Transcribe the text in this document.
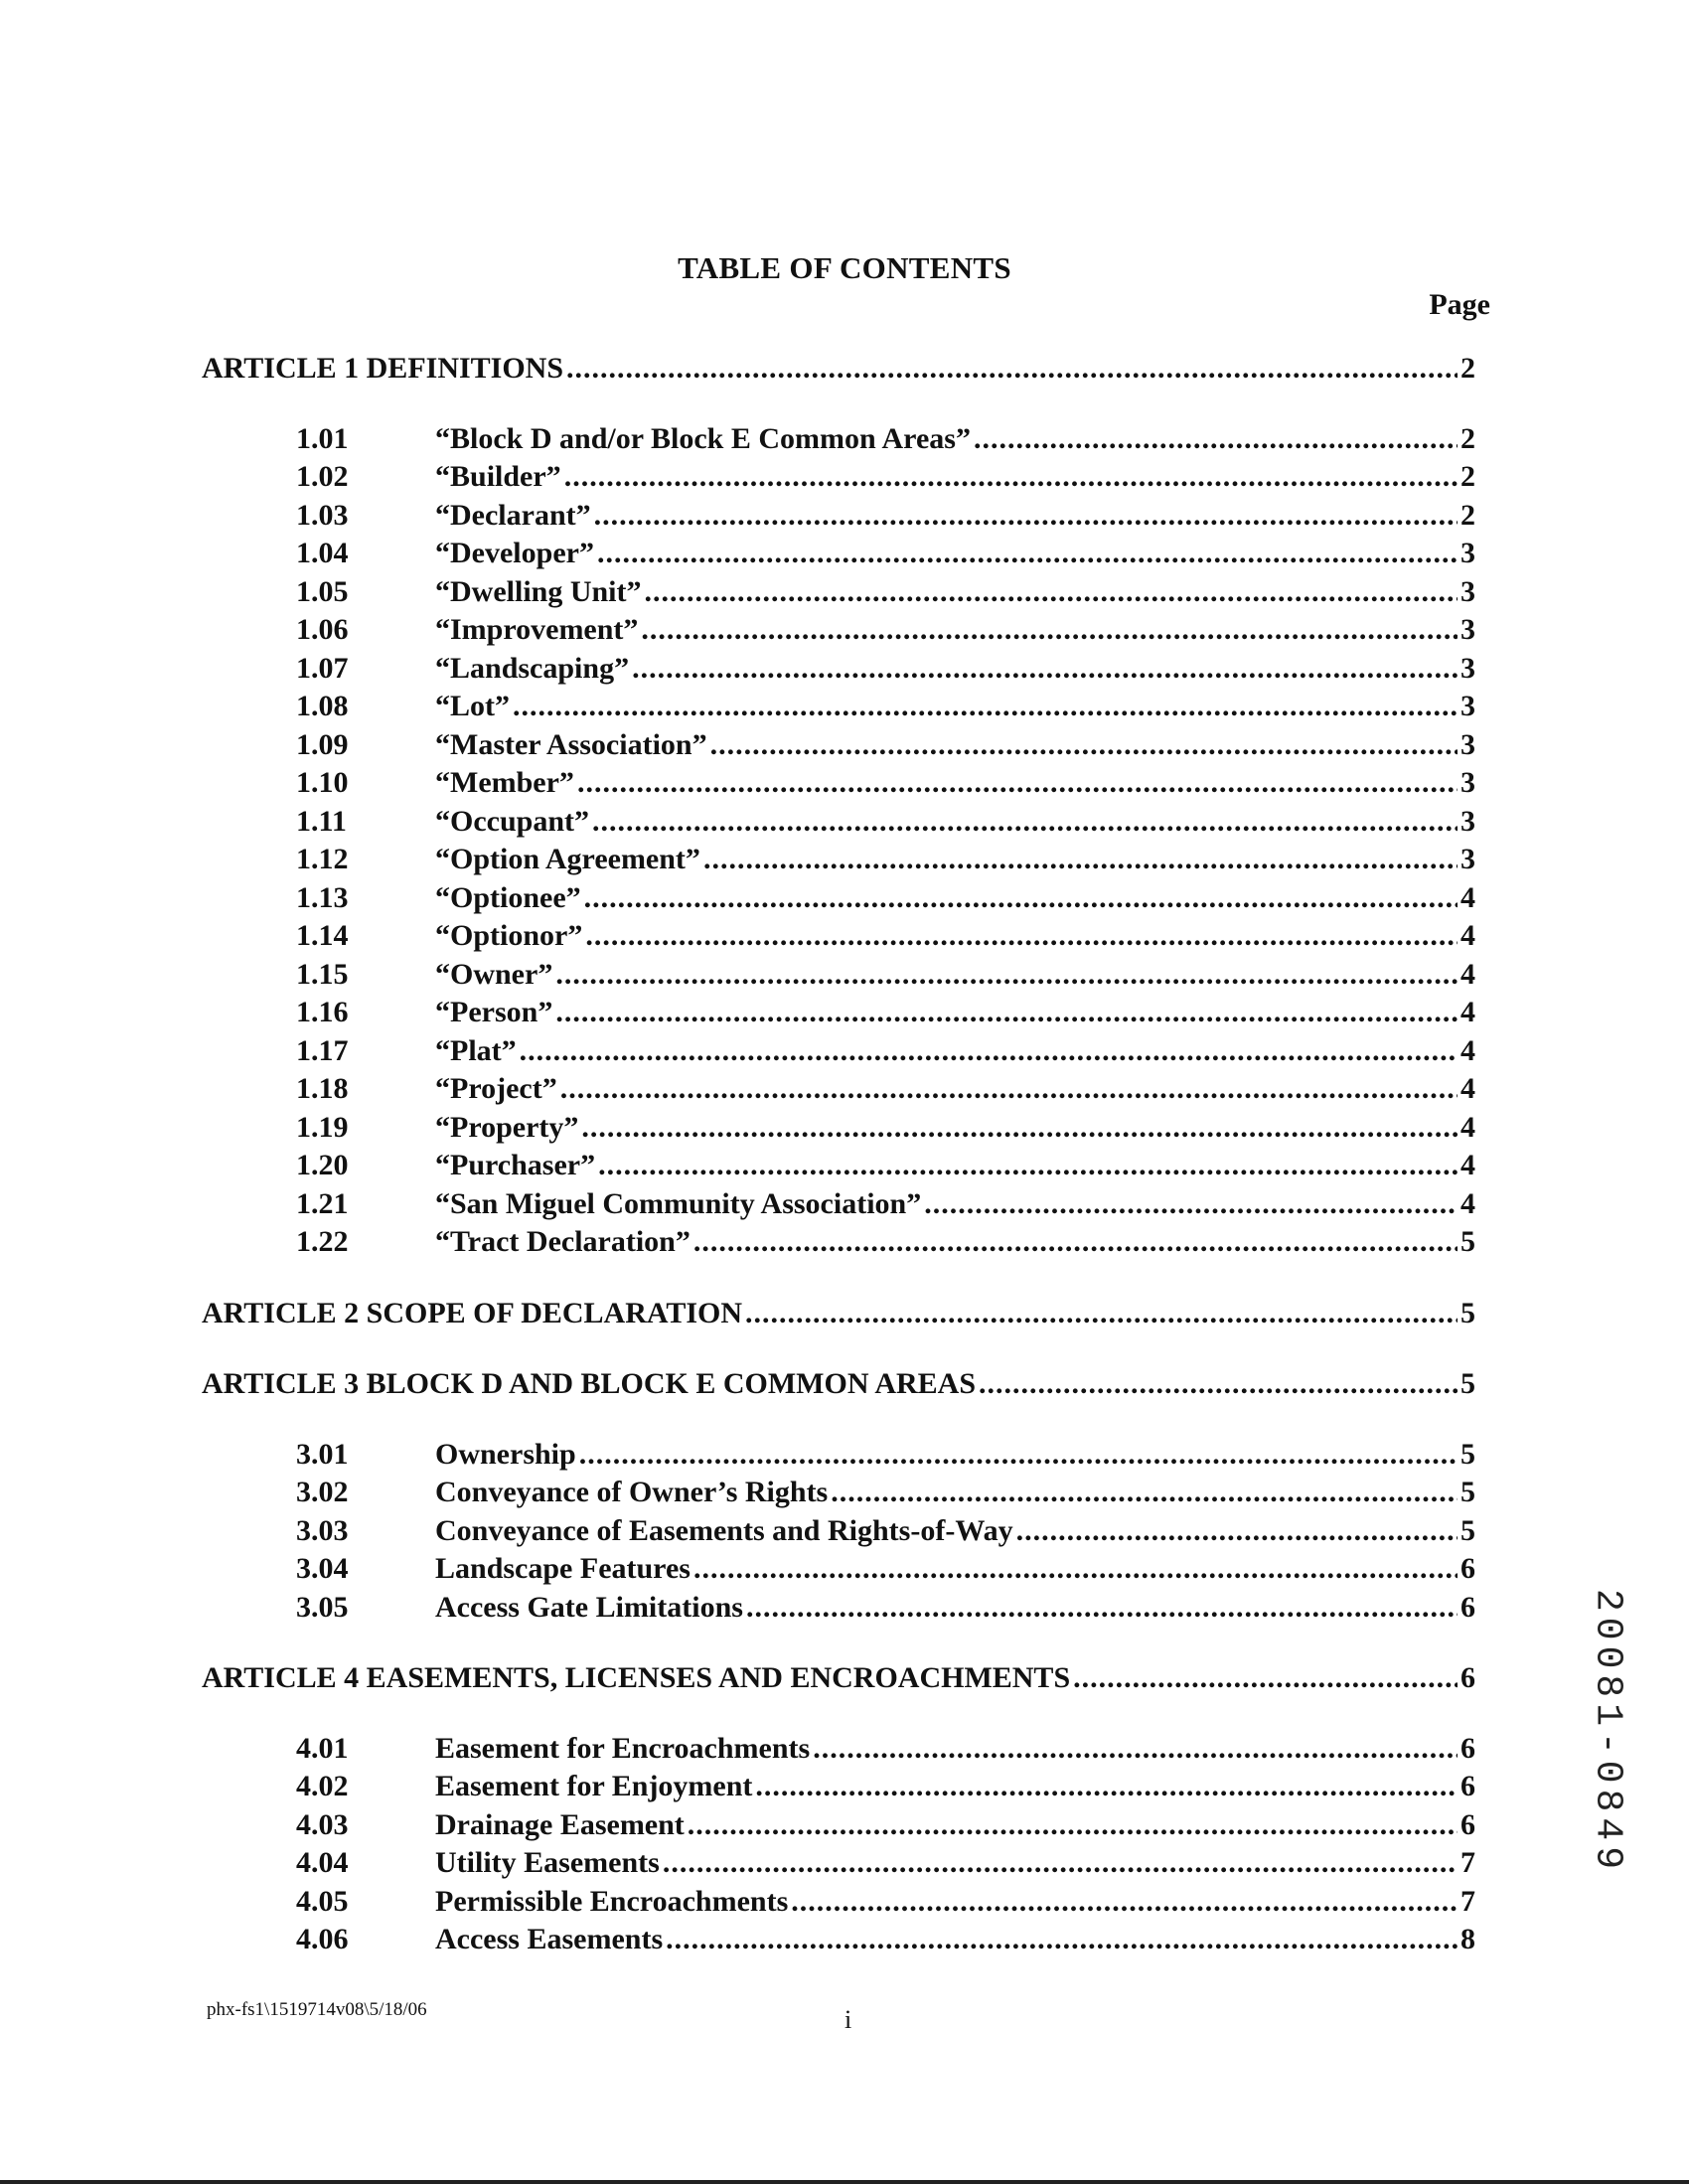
TABLE OF CONTENTS
Page
ARTICLE 1 DEFINITIONS .....	2
1.01	“Block D and/or Block E Common Areas” .....	2
1.02	“Builder” .....	2
1.03	“Declarant” .....	2
1.04	“Developer” .....	3
1.05	“Dwelling Unit” .....	3
1.06	“Improvement” .....	3
1.07	“Landscaping” .....	3
1.08	“Lot” .....	3
1.09	“Master Association” .....	3
1.10	“Member” .....	3
1.11	“Occupant” .....	3
1.12	“Option Agreement” .....	3
1.13	“Optionee” .....	4
1.14	“Optionor” .....	4
1.15	“Owner” .....	4
1.16	“Person” .....	4
1.17	“Plat” .....	4
1.18	“Project” .....	4
1.19	“Property” .....	4
1.20	“Purchaser” .....	4
1.21	“San Miguel Community Association” .....	4
1.22	“Tract Declaration” .....	5
ARTICLE 2 SCOPE OF DECLARATION .....	5
ARTICLE 3 BLOCK D AND BLOCK E COMMON AREAS .....	5
3.01	Ownership .....	5
3.02	Conveyance of Owner’s Rights .....	5
3.03	Conveyance of Easements and Rights-of-Way .....	5
3.04	Landscape Features .....	6
3.05	Access Gate Limitations .....	6
ARTICLE 4 EASEMENTS, LICENSES AND ENCROACHMENTS .....	6
4.01	Easement for Encroachments .....	6
4.02	Easement for Enjoyment .....	6
4.03	Drainage Easement .....	6
4.04	Utility Easements .....	7
4.05	Permissible Encroachments .....	7
4.06	Access Easements .....	8
phx-fs1\1519714v08\5/18/06	i
20081-0849
